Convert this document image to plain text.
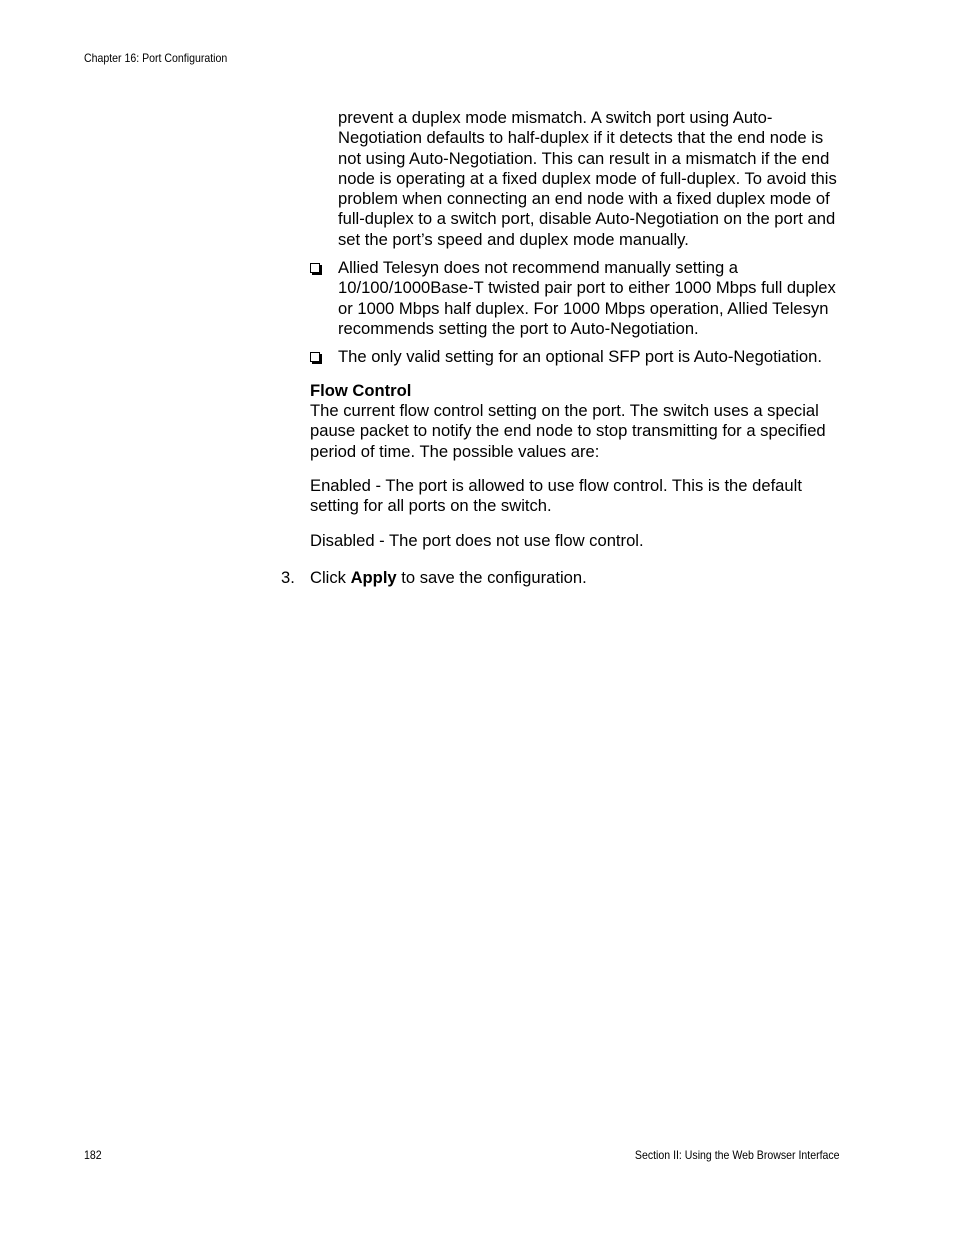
Chapter 16: Port Configuration

prevent a duplex mode mismatch. A switch port using Auto-Negotiation defaults to half-duplex if it detects that the end node is not using Auto-Negotiation. This can result in a mismatch if the end node is operating at a fixed duplex mode of full-duplex. To avoid this problem when connecting an end node with a fixed duplex mode of full-duplex to a switch port, disable Auto-Negotiation on the port and set the port’s speed and duplex mode manually.

Allied Telesyn does not recommend manually setting a 10/100/1000Base-T twisted pair port to either 1000 Mbps full duplex or 1000 Mbps half duplex. For 1000 Mbps operation, Allied Telesyn recommends setting the port to Auto-Negotiation.
The only valid setting for an optional SFP port is Auto-Negotiation.
Flow Control

The current flow control setting on the port. The switch uses a special pause packet to notify the end node to stop transmitting for a specified period of time. The possible values are:

Enabled - The port is allowed to use flow control. This is the default setting for all ports on the switch.

Disabled - The port does not use flow control.

3. Click Apply to save the configuration.
182	Section II: Using the Web Browser Interface
